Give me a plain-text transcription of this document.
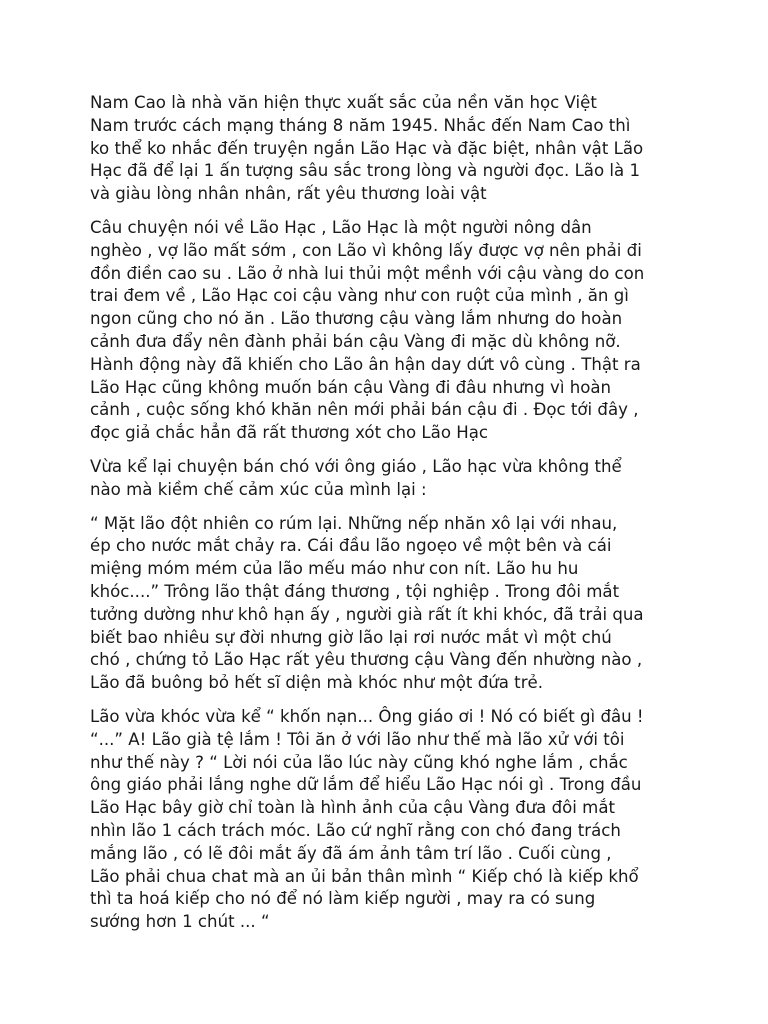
Nam Cao là nhà văn hiện thực xuất sắc của nền văn học Việt
Nam trước cách mạng tháng 8 năm 1945. Nhắc đến Nam Cao thì
ko thể ko nhắc đến truyện ngắn Lão Hạc và đặc biệt, nhân vật Lão
Hạc đã để lại 1 ấn tượng sâu sắc trong lòng và người đọc. Lão là 1
và giàu lòng nhân nhân, rất yêu thương loài vật

Câu chuyện nói về Lão Hạc , Lão Hạc là một người nông dân
nghèo , vợ lão mất sớm , con Lão vì không lấy được vợ nên phải đi
đồn điền cao su . Lão ở nhà lui thủi một mềnh với cậu vàng do con
trai đem về , Lão Hạc coi cậu vàng như con ruột của mình , ăn gì
ngon cũng cho nó ăn . Lão thương cậu vàng lắm nhưng do hoàn
cảnh đưa đẩy nên đành phải bán cậu Vàng đi mặc dù không nỡ.
Hành động này đã khiến cho Lão ân hận day dứt vô cùng . Thật ra
Lão Hạc cũng không muốn bán cậu Vàng đi đâu nhưng vì hoàn
cảnh , cuộc sống khó khăn nên mới phải bán cậu đi . Đọc tới đây ,
đọc giả chắc hẳn đã rất thương xót cho Lão Hạc

Vừa kể lại chuyện bán chó với ông giáo , Lão hạc vừa không thể
nào mà kiềm chế cảm xúc của mình lại :

“ Mặt lão đột nhiên co rúm lại. Những nếp nhăn xô lại với nhau,
ép cho nước mắt chảy ra. Cái đầu lão ngoẹo về một bên và cái
miệng móm mém của lão mếu máo như con nít. Lão hu hu
khóc....” Trông lão thật đáng thương , tội nghiệp . Trong đôi mắt
tưởng dường như khô hạn ấy , người già rất ít khi khóc, đã trải qua
biết bao nhiêu sự đời nhưng giờ lão lại rơi nước mắt vì một chú
chó , chứng tỏ Lão Hạc rất yêu thương cậu Vàng đến nhường nào ,
Lão đã buông bỏ hết sĩ diện mà khóc như một đứa trẻ.

Lão vừa khóc vừa kể “ khốn nạn... Ông giáo ơi ! Nó có biết gì đâu !
“...” A! Lão già tệ lắm ! Tôi ăn ở với lão như thế mà lão xử với tôi
như thế này ? “ Lời nói của lão lúc này cũng khó nghe lắm , chắc
ông giáo phải lắng nghe dữ lắm để hiểu Lão Hạc nói gì . Trong đầu
Lão Hạc bây giờ chỉ toàn là hình ảnh của cậu Vàng đưa đôi mắt
nhìn lão 1 cách trách móc. Lão cứ nghĩ rằng con chó đang trách
mắng lão , có lẽ đôi mắt ấy đã ám ảnh tâm trí lão . Cuối cùng ,
Lão phải chua chat mà an ủi bản thân mình “ Kiếp chó là kiếp khổ
thì ta hoá kiếp cho nó để nó làm kiếp người , may ra có sung
sướng hơn 1 chút ... “
